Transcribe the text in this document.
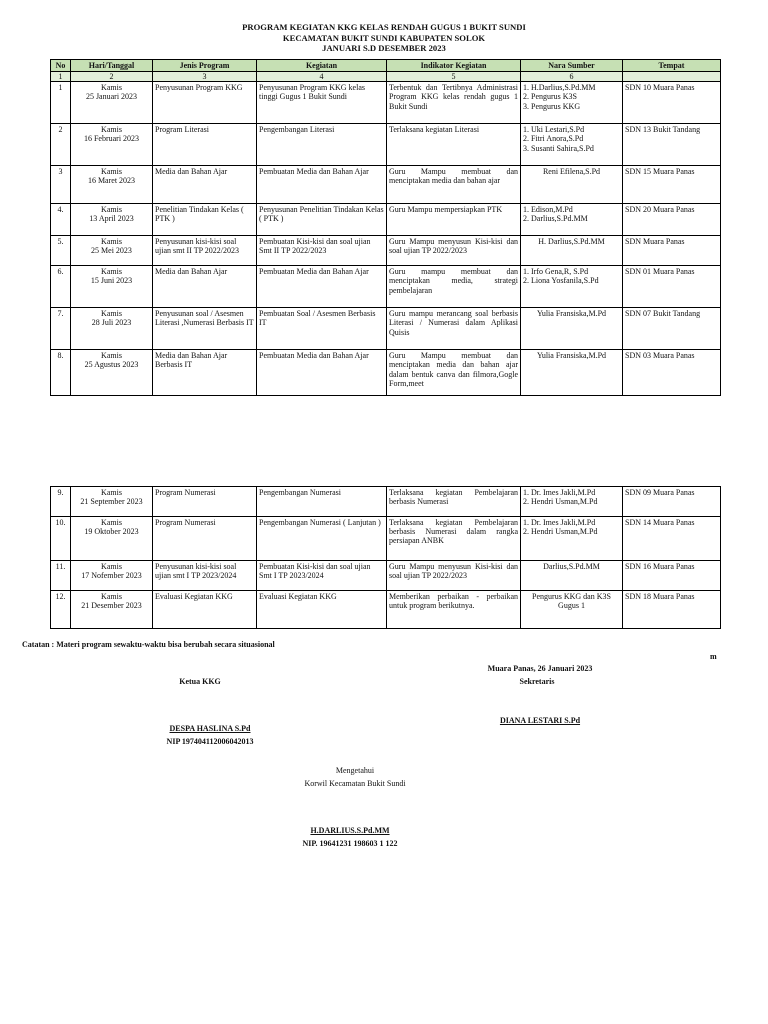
PROGRAM KEGIATAN KKG KELAS RENDAH GUGUS 1 BUKIT SUNDI
KECAMATAN BUKIT SUNDI KABUPATEN SOLOK
JANUARI S.D DESEMBER 2023
No	Hari/Tanggal	Jenis Program	Kegiatan	Indikator Kegiatan	Nara Sumber	Tempat
1	2	3	4	5	6	
1	Kamis
25 Januari 2023	Penyusunan Program KKG	Penyusunan Program KKG kelas tinggi Gugus 1 Bukit Sundi	Terbentuk dan Tertibnya Administrasi Program KKG kelas rendah gugus 1 Bukit Sundi	1. H.Darlius,S.Pd.MM
2. Pengurus K3S
3. Pengurus KKG	SDN 10 Muara Panas
2	Kamis
16 Februari 2023	Program Literasi	Pengembangan Literasi	Terlaksana kegiatan Literasi	1. Uki Lestari,S.Pd
2. Fitri Anora,S.Pd
3. Susanti Sahira,S.Pd	SDN 13 Bukit Tandang
3	Kamis
16 Maret 2023	Media dan Bahan Ajar	Pembuatan Media dan Bahan Ajar	Guru Mampu membuat dan menciptakan media dan bahan ajar	Reni Efilena,S.Pd	SDN 15 Muara Panas
4.	Kamis
13 April 2023	Penelitian Tindakan Kelas ( PTK )	Penyusunan Penelitian Tindakan Kelas ( PTK )	Guru Mampu mempersiapkan PTK	1. Edison,M.Pd
2. Darlius,S.Pd.MM	SDN 20 Muara Panas
5.	Kamis
25 Mei 2023	Penyusunan kisi-kisi soal ujian smt II TP 2022/2023	Pembuatan Kisi-kisi dan soal ujian Smt II TP 2022/2023	Guru Mampu menyusun Kisi-kisi dan soal ujian TP 2022/2023	H. Darlius,S.Pd.MM	SDN Muara Panas
6.	Kamis
15 Juni 2023	Media dan Bahan Ajar	Pembuatan Media dan Bahan Ajar	Guru mampu membuat dan menciptakan media, strategi pembelajaran	1. Irfo Gena,R, S.Pd
2. Liona Yosfanila,S.Pd	SDN 01 Muara Panas
7.	Kamis
28 Juli 2023	Penyusunan soal / Asesmen Literasi ,Numerasi Berbasis IT	Pembuatan Soal / Asesmen Berbasis IT	Guru mampu merancang soal berbasis Literasi / Numerasi dalam Aplikasi Quisis	Yulia Fransiska,M.Pd	SDN 07 Bukit Tandang
8.	Kamis
25 Agustus 2023	Media dan Bahan Ajar Berbasis IT	Pembuatan Media dan Bahan Ajar	Guru Mampu membuat dan menciptakan media dan bahan ajar dalam bentuk canva dan filmora,Gogle Form,meet	Yulia Fransiska,M.Pd	SDN 03 Muara Panas
9.	Kamis
21 September 2023	Program Numerasi	Pengembangan Numerasi	Terlaksana kegiatan Pembelajaran berbasis Numerasi	1. Dr. Imes Jakli,M.Pd
2. Hendri Usman,M.Pd	SDN 09 Muara Panas
10.	Kamis
19 Oktober 2023	Program Numerasi	Pengembangan Numerasi ( Lanjutan )	Terlaksana kegiatan Pembelajaran berbasis Numerasi dalam rangka persiapan ANBK	1. Dr. Imes Jakli,M.Pd
2. Hendri Usman,M.Pd	SDN 14 Muara Panas
11.	Kamis
17 Nofember 2023	Penyusunan kisi-kisi soal ujian smt I TP 2023/2024	Pembuatan Kisi-kisi dan soal ujian Smt I TP 2023/2024	Guru Mampu menyusun Kisi-kisi dan soal ujian TP 2022/2023	Darlius,S.Pd.MM	SDN 16 Muara Panas
12.	Kamis
21 Desember 2023	Evaluasi Kegiatan KKG	Evaluasi Kegiatan KKG	Memberikan perbaikan - perbaikan untuk program berikutnya.	Pengurus KKG dan K3S Gugus 1	SDN 18 Muara Panas
Catatan : Materi program sewaktu-waktu bisa berubah secara situasional
m
Muara Panas, 26 Januari 2023
Ketua KKG	Sekretaris
DESPA HASLINA S.Pd
NIP 197404112006042013
DIANA LESTARI S.Pd
Mengetahui
Korwil Kecamatan Bukit Sundi
H.DARLIUS.S.Pd.MM
NIP. 19641231 198603 1 122
